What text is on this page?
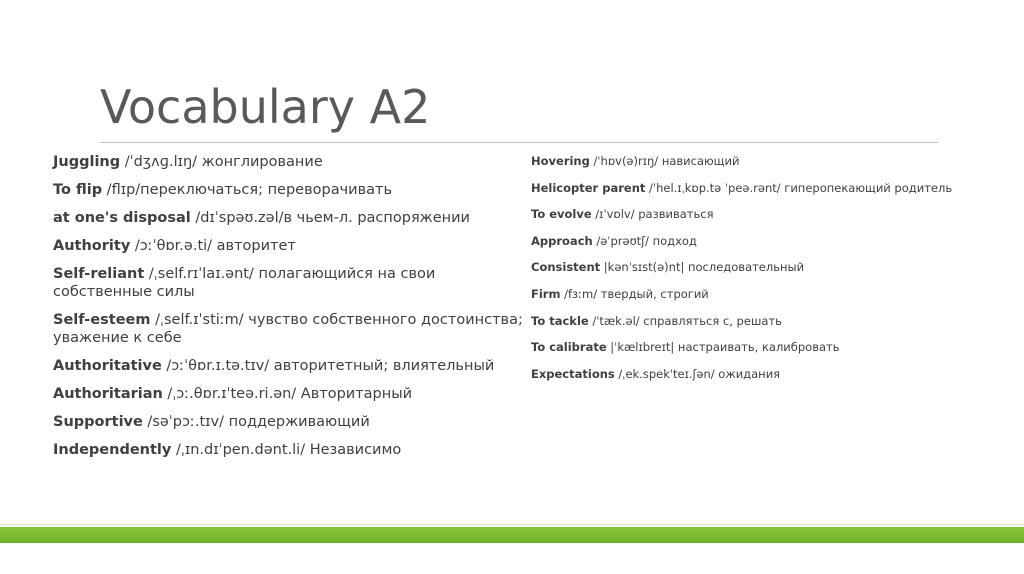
Vocabulary A2
Juggling /ˈdʒʌɡ.lɪŋ/ жонглирование
To flip /flɪp/переключаться; переворачивать
at one's disposal /dɪˈspəʊ.zəl/в чьем-л. распоряжении
Authority /ɔːˈθɒr.ə.ti/ авторитет
Self-reliant /ˌself.rɪˈlaɪ.ənt/ полагающийся на свои собственные силы
Self-esteem /ˌself.ɪˈstiːm/ чувство собственного достоинства; уважение к себе
Authoritative /ɔːˈθɒr.ɪ.tə.tɪv/ авторитетный; влиятельный
Authoritarian /ˌɔː.θɒr.ɪˈteə.ri.ən/ Авторитарный
Supportive /səˈpɔː.tɪv/ поддерживающий
Independently /ˌɪn.dɪˈpen.dənt.li/ Независимо
Hovering /ˈhɒv(ə)rɪŋ/ нависающий
Helicopter parent /ˈhel.ɪˌkɒp.tə ˈpeə.rənt/ гиперопекающий родитель
To evolve /ɪˈvɒlv/ развиваться
Approach /əˈprəʊtʃ/ подход
Consistent |kənˈsɪst(ə)nt| последовательный
Firm /fɜːm/ твердый, строгий
To tackle /ˈtæk.əl/ справляться с, решать
To calibrate |ˈkælɪbreɪt| настраивать, калибровать
Expectations /ˌek.spekˈteɪ.ʃən/ ожидания
